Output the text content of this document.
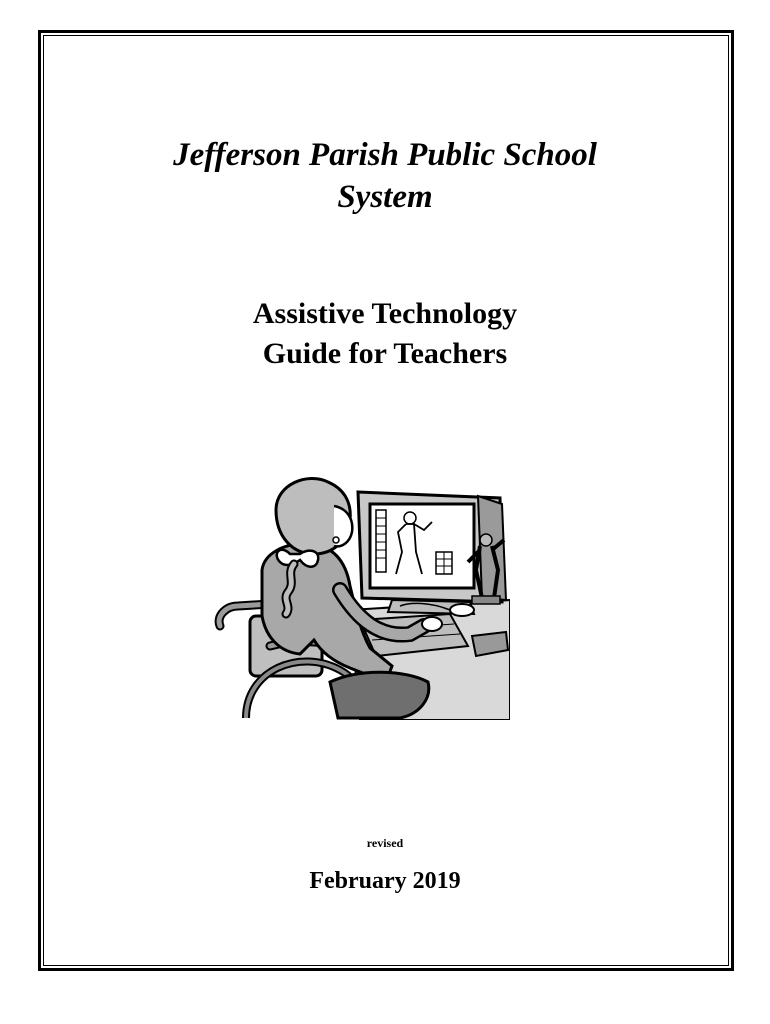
Jefferson Parish Public School
System
Assistive Technology
Guide for Teachers
revised
February 2019
